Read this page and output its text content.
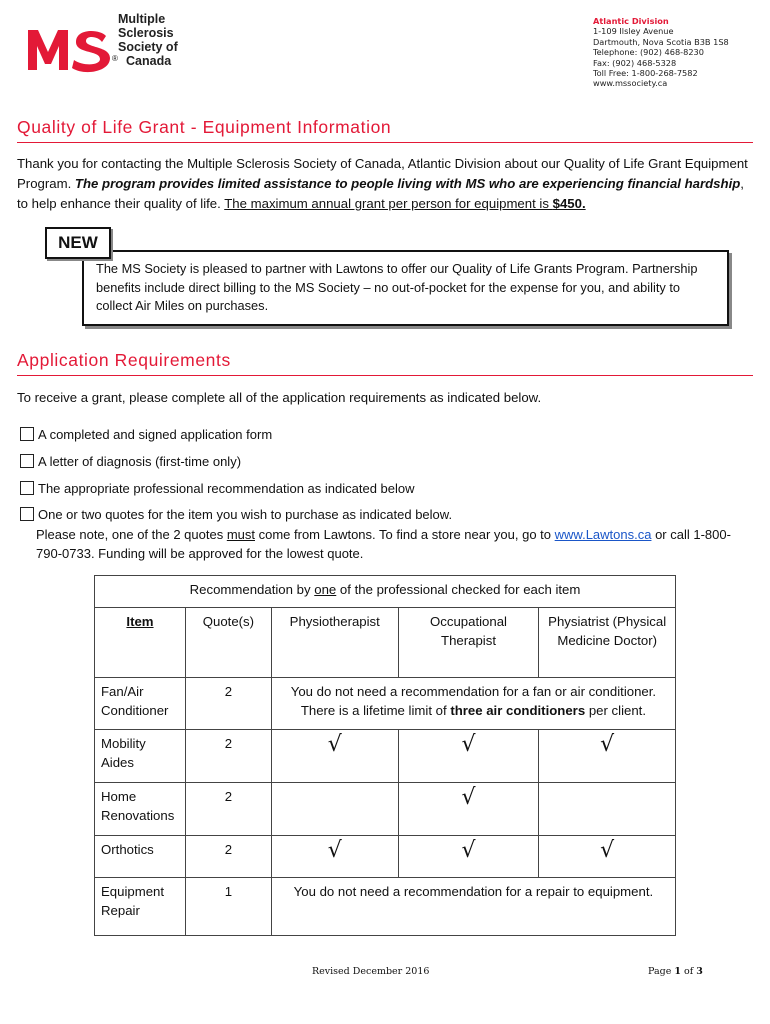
®
Multiple
Sclerosis
Society of
Canada
Atlantic Division
1-109 Ilsley Avenue
Dartmouth, Nova Scotia B3B 1S8
Telephone: (902) 468-8230
Fax: (902) 468-5328
Toll Free: 1-800-268-7582
www.mssociety.ca
Quality of Life Grant - Equipment Information

Thank you for contacting the Multiple Sclerosis Society of Canada, Atlantic Division about our Quality of Life Grant Equipment Program. The program provides limited assistance to people living with MS who are experiencing financial hardship, to help enhance their quality of life. The maximum annual grant per person for equipment is $450.

NEW
The MS Society is pleased to partner with Lawtons to offer our Quality of Life Grants Program. Partnership benefits include direct billing to the MS Society – no out-of-pocket for the expense for you, and ability to collect Air Miles on purchases.
Application Requirements

To receive a grant, please complete all of the application requirements as indicated below.

A completed and signed application form
A letter of diagnosis (first-time only)
The appropriate professional recommendation as indicated below
One or two quotes for the item you wish to purchase as indicated below.

Please note, one of the 2 quotes must come from Lawtons. To find a store near you, go to www.Lawtons.ca or call 1-800-790-0733. Funding will be approved for the lowest quote.

Recommendation by one of the professional checked for each item				
Item	Quote(s)	Physiotherapist	Occupational Therapist	Physiatrist (Physical Medicine Doctor)
Fan/Air Conditioner	2	You do not need a recommendation for a fan or air conditioner. There is a lifetime limit of three air conditioners per client.		
Mobility Aides	2	√	√	√

Home Renovations	2		√	

Orthotics	2	√	√	√

Equipment Repair	1	You do not need a recommendation for a repair to equipment.		
Revised December 2016	Page 1 of 3
